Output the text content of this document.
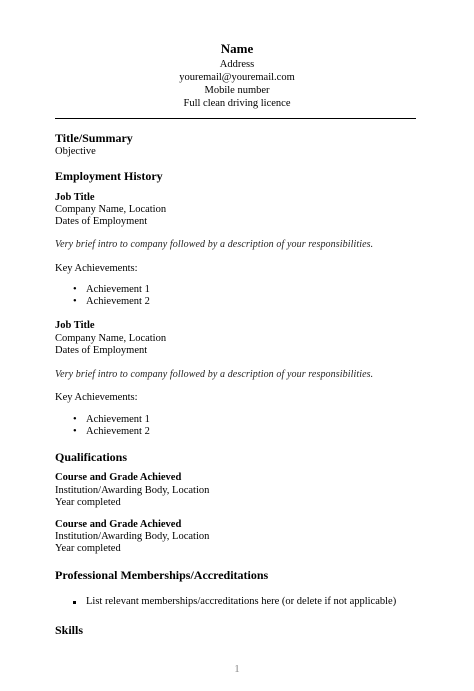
Name
Address
youremail@youremail.com
Mobile number
Full clean driving licence
Title/Summary
Objective
Employment History
Job Title
Company Name, Location
Dates of Employment
Very brief intro to company followed by a description of your responsibilities.
Key Achievements:
• Achievement 1
• Achievement 2
Job Title
Company Name, Location
Dates of Employment
Very brief intro to company followed by a description of your responsibilities.
Key Achievements:
• Achievement 1
• Achievement 2
Qualifications
Course and Grade Achieved
Institution/Awarding Body, Location
Year completed
Course and Grade Achieved
Institution/Awarding Body, Location
Year completed
Professional Memberships/Accreditations
List relevant memberships/accreditations here (or delete if not applicable)
Skills
1
